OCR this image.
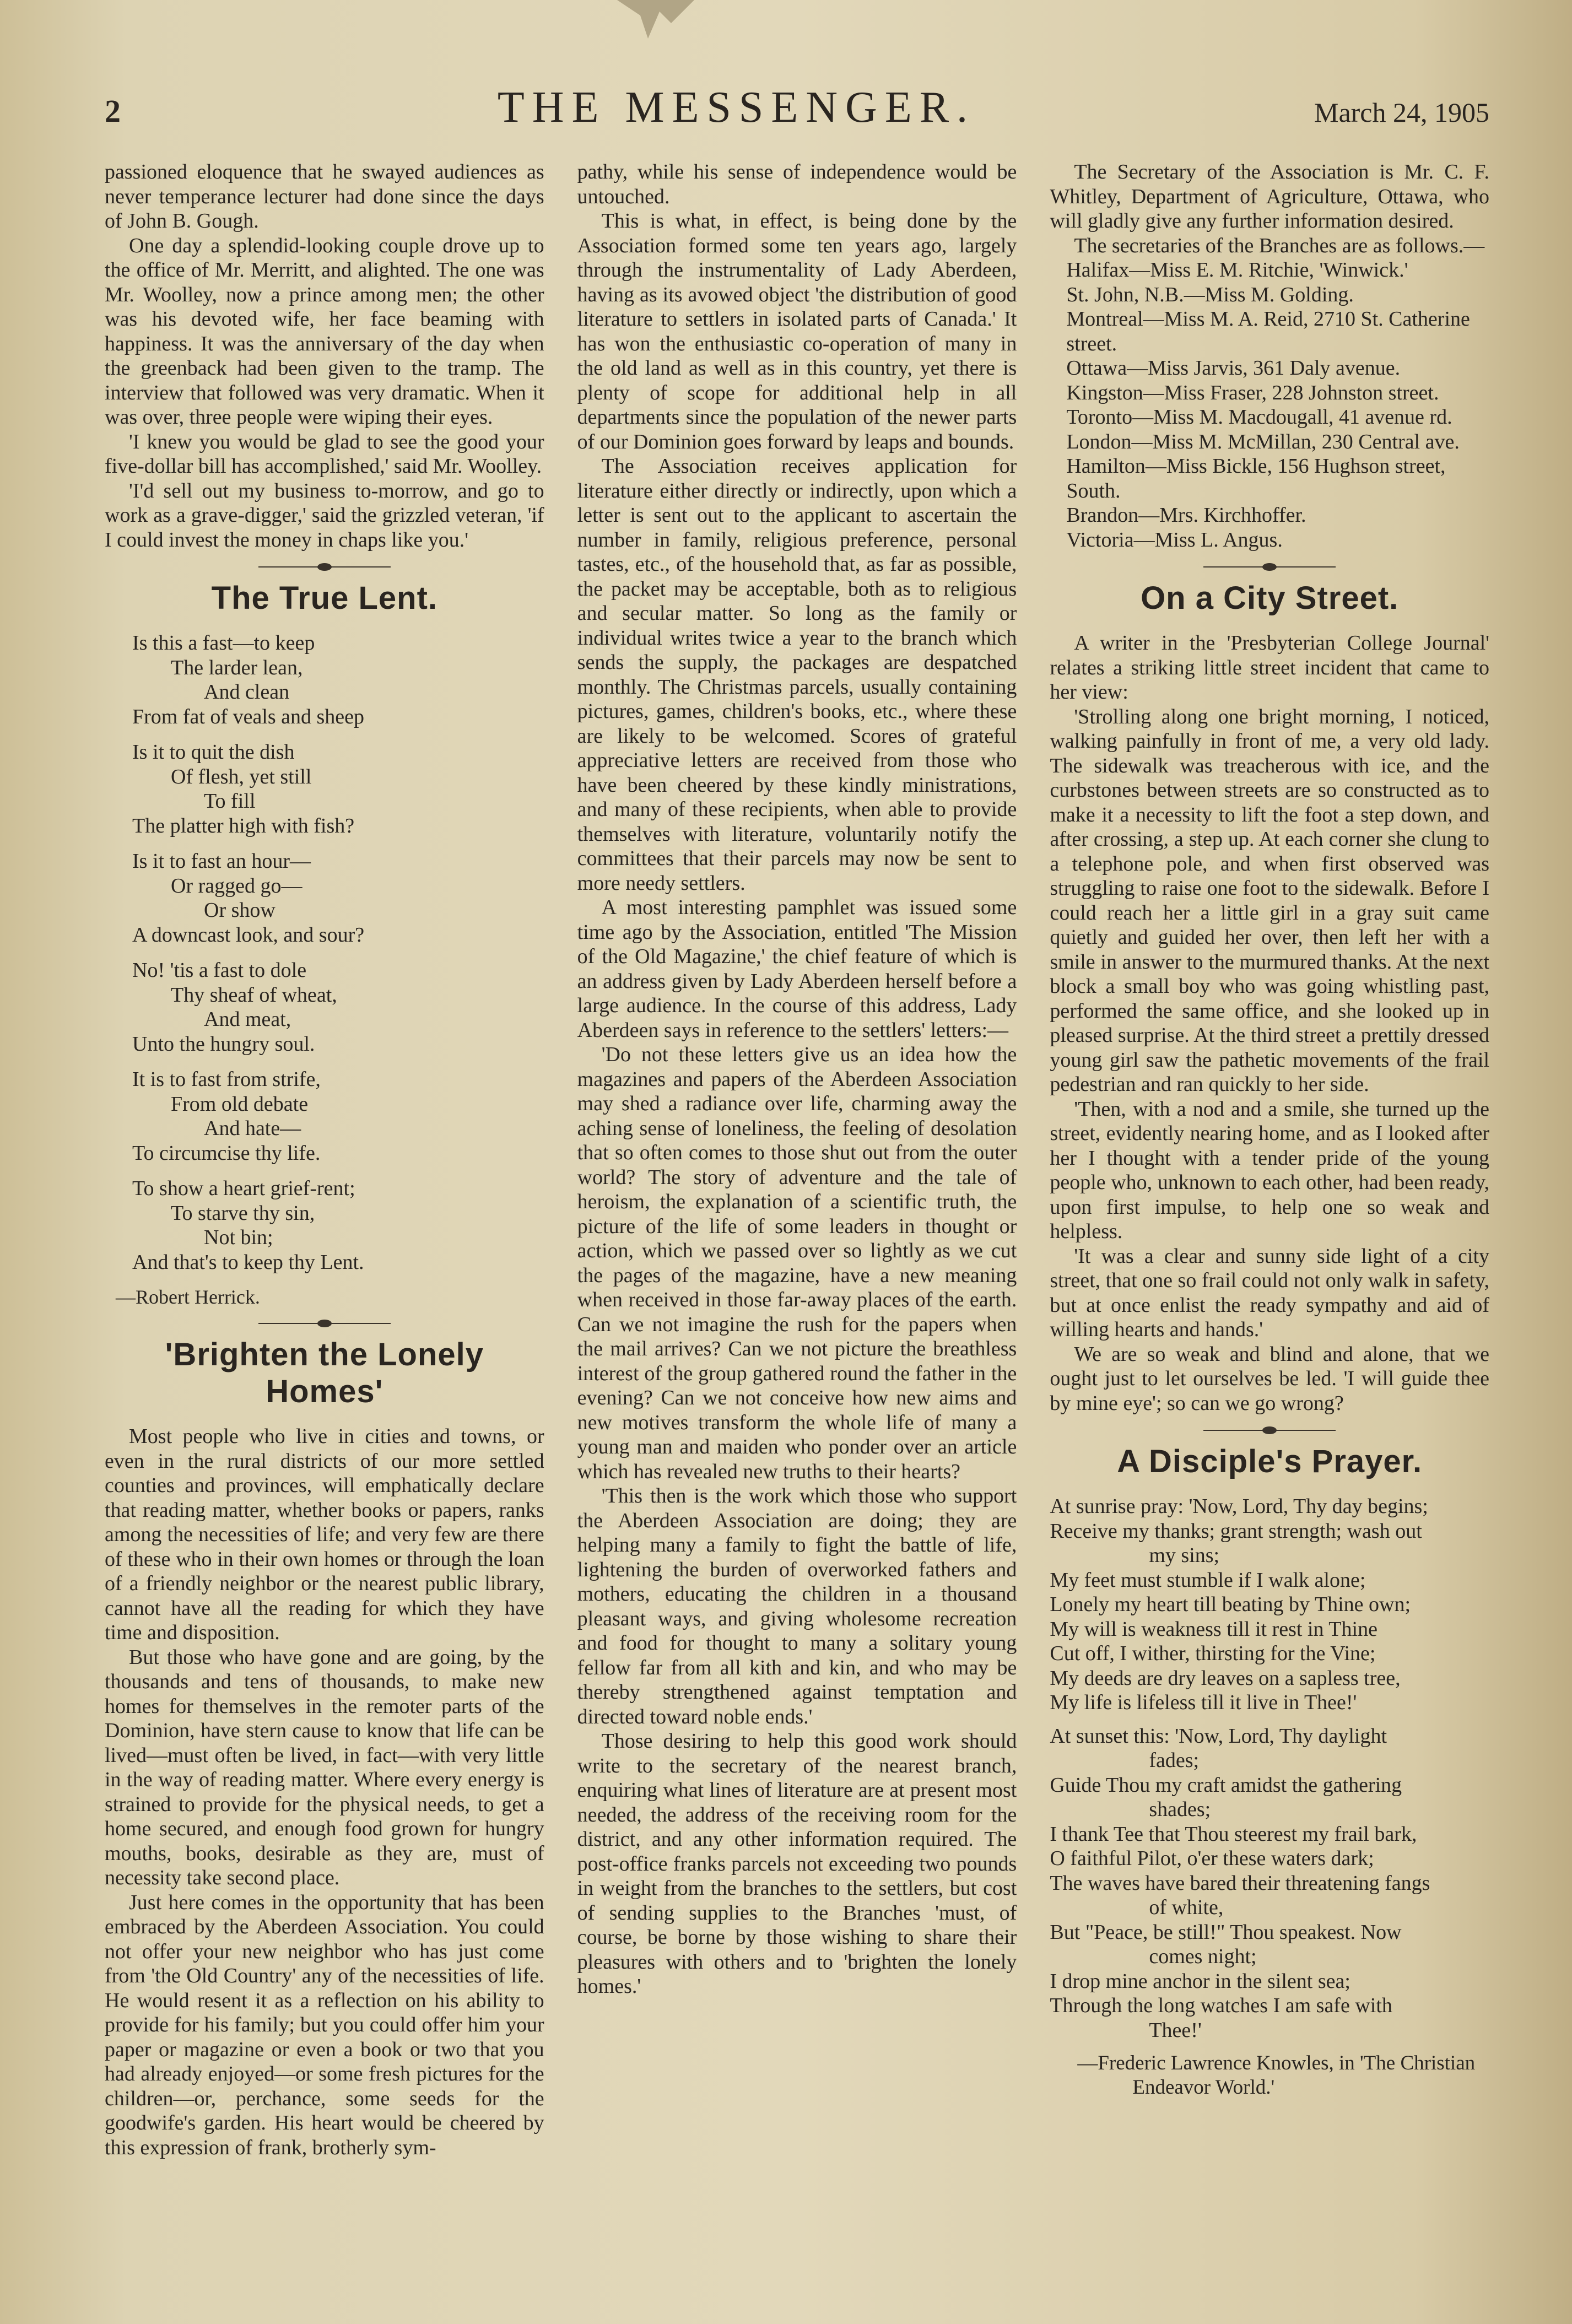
2	THE MESSENGER.	March 24, 1905

passioned eloquence that he swayed audiences as never temperance lecturer had done since the days of John B. Gough.

One day a splendid-looking couple drove up to the office of Mr. Merritt, and alighted. The one was Mr. Woolley, now a prince among men; the other was his devoted wife, her face beaming with happiness. It was the anniversary of the day when the greenback had been given to the tramp. The interview that followed was very dramatic. When it was over, three people were wiping their eyes.

'I knew you would be glad to see the good your five-dollar bill has accomplished,' said Mr. Woolley.

'I'd sell out my business to-morrow, and go to work as a grave-digger,' said the grizzled veteran, 'if I could invest the money in chaps like you.'

The True Lent.
Is this a fast—to keep
The larder lean,
And clean
From fat of veals and sheep
Is it to quit the dish
Of flesh, yet still
To fill
The platter high with fish?
Is it to fast an hour—
Or ragged go—
Or show
A downcast look, and sour?
No! 'tis a fast to dole
Thy sheaf of wheat,
And meat,
Unto the hungry soul.
It is to fast from strife,
From old debate
And hate—
To circumcise thy life.
To show a heart grief-rent;
To starve thy sin,
Not bin;
And that's to keep thy Lent.
—Robert Herrick.
'Brighten the Lonely Homes'

Most people who live in cities and towns, or even in the rural districts of our more settled counties and provinces, will emphatically declare that reading matter, whether books or papers, ranks among the necessities of life; and very few are there of these who in their own homes or through the loan of a friendly neighbor or the nearest public library, cannot have all the reading for which they have time and disposition.

But those who have gone and are going, by the thousands and tens of thousands, to make new homes for themselves in the remoter parts of the Dominion, have stern cause to know that life can be lived—must often be lived, in fact—with very little in the way of reading matter. Where every energy is strained to provide for the physical needs, to get a home secured, and enough food grown for hungry mouths, books, desirable as they are, must of necessity take second place.

Just here comes in the opportunity that has been embraced by the Aberdeen Association. You could not offer your new neighbor who has just come from 'the Old Country' any of the necessities of life. He would resent it as a reflection on his ability to provide for his family; but you could offer him your paper or magazine or even a book or two that you had already enjoyed—or some fresh pictures for the children—or, perchance, some seeds for the goodwife's garden. His heart would be cheered by this expression of frank, brotherly sym-

pathy, while his sense of independence would be untouched.

This is what, in effect, is being done by the Association formed some ten years ago, largely through the instrumentality of Lady Aberdeen, having as its avowed object 'the distribution of good literature to settlers in isolated parts of Canada.' It has won the enthusiastic co-operation of many in the old land as well as in this country, yet there is plenty of scope for additional help in all departments since the population of the newer parts of our Dominion goes forward by leaps and bounds.

The Association receives application for literature either directly or indirectly, upon which a letter is sent out to the applicant to ascertain the number in family, religious preference, personal tastes, etc., of the household that, as far as possible, the packet may be acceptable, both as to religious and secular matter. So long as the family or individual writes twice a year to the branch which sends the supply, the packages are despatched monthly. The Christmas parcels, usually containing pictures, games, children's books, etc., where these are likely to be welcomed. Scores of grateful appreciative letters are received from those who have been cheered by these kindly ministrations, and many of these recipients, when able to provide themselves with literature, voluntarily notify the committees that their parcels may now be sent to more needy settlers.

A most interesting pamphlet was issued some time ago by the Association, entitled 'The Mission of the Old Magazine,' the chief feature of which is an address given by Lady Aberdeen herself before a large audience. In the course of this address, Lady Aberdeen says in reference to the settlers' letters:—

'Do not these letters give us an idea how the magazines and papers of the Aberdeen Association may shed a radiance over life, charming away the aching sense of loneliness, the feeling of desolation that so often comes to those shut out from the outer world? The story of adventure and the tale of heroism, the explanation of a scientific truth, the picture of the life of some leaders in thought or action, which we passed over so lightly as we cut the pages of the magazine, have a new meaning when received in those far-away places of the earth. Can we not imagine the rush for the papers when the mail arrives? Can we not picture the breathless interest of the group gathered round the father in the evening? Can we not conceive how new aims and new motives transform the whole life of many a young man and maiden who ponder over an article which has revealed new truths to their hearts?

'This then is the work which those who support the Aberdeen Association are doing; they are helping many a family to fight the battle of life, lightening the burden of overworked fathers and mothers, educating the children in a thousand pleasant ways, and giving wholesome recreation and food for thought to many a solitary young fellow far from all kith and kin, and who may be thereby strengthened against temptation and directed toward noble ends.'

Those desiring to help this good work should write to the secretary of the nearest branch, enquiring what lines of literature are at present most needed, the address of the receiving room for the district, and any other information required. The post-office franks parcels not exceeding two pounds in weight from the branches to the settlers, but cost of sending supplies to the Branches 'must, of course, be borne by those wishing to share their pleasures with others and to 'brighten the lonely homes.'

The Secretary of the Association is Mr. C. F. Whitley, Department of Agriculture, Ottawa, who will gladly give any further information desired.

The secretaries of the Branches are as follows.—

Halifax—Miss E. M. Ritchie, 'Winwick.'
St. John, N.B.—Miss M. Golding.
Montreal—Miss M. A. Reid, 2710 St. Catherine street.
Ottawa—Miss Jarvis, 361 Daly avenue.
Kingston—Miss Fraser, 228 Johnston street.
Toronto—Miss M. Macdougall, 41 avenue rd.
London—Miss M. McMillan, 230 Central ave.
Hamilton—Miss Bickle, 156 Hughson street, South.
Brandon—Mrs. Kirchhoffer.
Victoria—Miss L. Angus.
On a City Street.

A writer in the 'Presbyterian College Journal' relates a striking little street incident that came to her view:

'Strolling along one bright morning, I noticed, walking painfully in front of me, a very old lady. The sidewalk was treacherous with ice, and the curbstones between streets are so constructed as to make it a necessity to lift the foot a step down, and after crossing, a step up. At each corner she clung to a telephone pole, and when first observed was struggling to raise one foot to the sidewalk. Before I could reach her a little girl in a gray suit came quietly and guided her over, then left her with a smile in answer to the murmured thanks. At the next block a small boy who was going whistling past, performed the same office, and she looked up in pleased surprise. At the third street a prettily dressed young girl saw the pathetic movements of the frail pedestrian and ran quickly to her side.

'Then, with a nod and a smile, she turned up the street, evidently nearing home, and as I looked after her I thought with a tender pride of the young people who, unknown to each other, had been ready, upon first impulse, to help one so weak and helpless.

'It was a clear and sunny side light of a city street, that one so frail could not only walk in safety, but at once enlist the ready sympathy and aid of willing hearts and hands.'

We are so weak and blind and alone, that we ought just to let ourselves be led. 'I will guide thee by mine eye'; so can we go wrong?

A Disciple's Prayer.
At sunrise pray: 'Now, Lord, Thy day begins;
Receive my thanks; grant strength; wash out
my sins;
My feet must stumble if I walk alone;
Lonely my heart till beating by Thine own;
My will is weakness till it rest in Thine
Cut off, I wither, thirsting for the Vine;
My deeds are dry leaves on a sapless tree,
My life is lifeless till it live in Thee!'
At sunset this: 'Now, Lord, Thy daylight
fades;
Guide Thou my craft amidst the gathering
shades;
I thank Tee that Thou steerest my frail bark,
O faithful Pilot, o'er these waters dark;
The waves have bared their threatening fangs
of white,
But "Peace, be still!" Thou speakest. Now
comes night;
I drop mine anchor in the silent sea;
Through the long watches I am safe with
Thee!'
—Frederic Lawrence Knowles, in 'The Christian Endeavor World.'
